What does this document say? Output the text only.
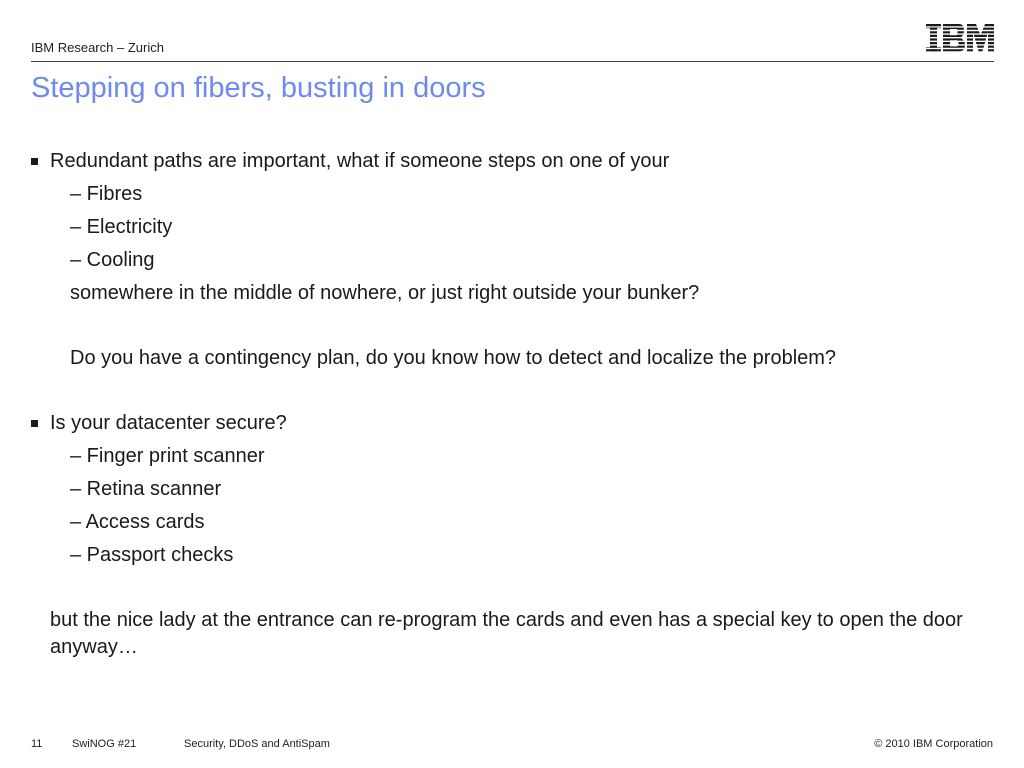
IBM Research – Zurich
Stepping on fibers, busting in doors
Redundant paths are important, what if someone steps on one of your
– Fibres
– Electricity
– Cooling
somewhere in the middle of nowhere, or just right outside your bunker?
Do you have a contingency plan, do you know how to detect and localize the problem?
Is your datacenter secure?
– Finger print scanner
– Retina scanner
– Access cards
– Passport checks
but the nice lady at the entrance can re-program the cards and even has a special key to open the door anyway…
11	SwiNOG #21	Security, DDoS and AntiSpam	© 2010 IBM Corporation
